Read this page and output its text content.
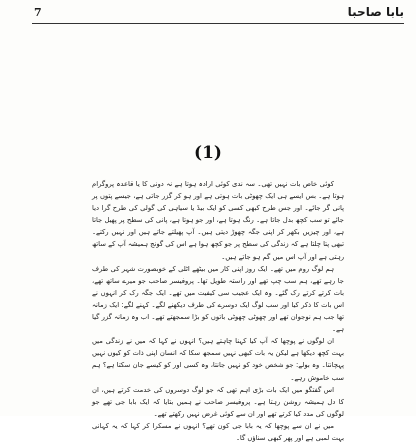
7	بابا صاحبا
(1)

کوئی خاص بات نہیں تھی۔ سہ ندی کوئی ارادہ ہوتا ہے نہ دونی کا یا قاعدہ پروگرام ہوتا ہے۔ بس ایسے ہی ایک چھوٹی بات ہوتی ہے اور ہو کر گزر جاتی ہے، جیسے پتوں پر پانی گر جائے۔ اور جس طرح کبھی کسی کو ایک بیڈ یا سیاہی کی گولی کی طرح گرا دیا جائے تو سب کچھ بدل جاتا ہے۔ رنگ ہوتا ہے، اور جو ہوتا ہے، پانی کی سطح پر پھیل جاتا ہے، اور چیزیں بکھر کر اپنی جگہ چھوڑ دیتی ہیں۔ آپ پھیلتے جاتے ہیں اور نہیں رکتے۔ تبھی پتا چلتا ہے کہ زندگی کی سطح پر جو کچھ ہوا ہے اس کی گونج ہمیشہ آپ کے ساتھ رہتی ہے اور آپ اس میں گم ہو جاتے ہیں۔

ہم لوگ روم میں تھے۔ ایک روز اپنی کار میں بیٹھے اٹلی کے خوبصورت شہر کی طرف جا رہے تھے، ہم سب چپ تھے اور راستہ طویل تھا۔ پروفیسر صاحب جو میرے ساتھ تھے، بات کرتے کرتے رک گئے۔ وہ ایک عجیب سی کیفیت میں تھے۔ ایک جگہ رک کر انہوں نے اس بات کا ذکر کیا اور سب لوگ ایک دوسرے کی طرف دیکھنے لگے۔ کہنے لگے: ایک زمانہ تھا جب ہم نوجوان تھے اور چھوٹی چھوٹی باتوں کو بڑا سمجھتے تھے۔ اب وہ زمانہ گزر گیا ہے۔

ان لوگوں نے پوچھا کہ آپ کیا کہنا چاہتے ہیں؟ انہوں نے کہا کہ میں نے زندگی میں بہت کچھ دیکھا ہے لیکن یہ بات کبھی نہیں سمجھ سکا کہ انسان اپنی ذات کو کیوں نہیں پہچانتا۔ وہ بولے: جو شخص خود کو نہیں جانتا، وہ کسی اور کو کیسے جان سکتا ہے؟ ہم سب خاموش رہے۔

اس گفتگو میں ایک بات بڑی اہم تھی کہ جو لوگ دوسروں کی خدمت کرتے ہیں، ان کا دل ہمیشہ روشن رہتا ہے۔ پروفیسر صاحب نے ہمیں بتایا کہ ایک بابا جی تھے جو لوگوں کی مدد کیا کرتے تھے اور ان سے کوئی غرض نہیں رکھتے تھے۔

میں نے ان سے پوچھا کہ یہ بابا جی کون تھے؟ انہوں نے مسکرا کر کہا کہ یہ کہانی بہت لمبی ہے اور پھر کبھی سناؤں گا۔
